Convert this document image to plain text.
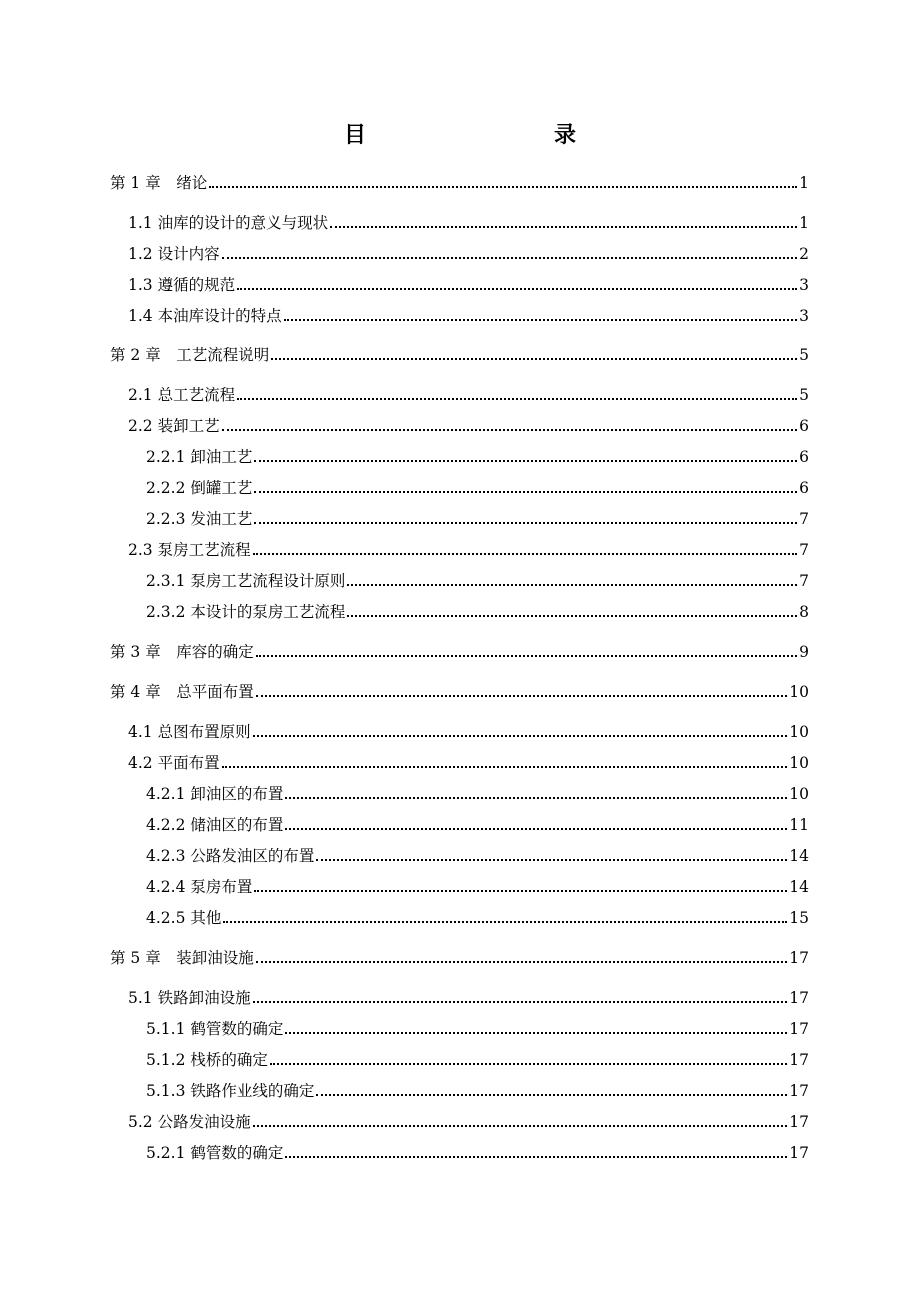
目　　录
第 1 章　绪论	1
1.1 油库的设计的意义与现状	1
1.2 设计内容	2
1.3 遵循的规范	3
1.4 本油库设计的特点	3
第 2 章　工艺流程说明	5
2.1 总工艺流程	5
2.2 装卸工艺	6
2.2.1 卸油工艺	6
2.2.2 倒罐工艺	6
2.2.3 发油工艺	7
2.3 泵房工艺流程	7
2.3.1 泵房工艺流程设计原则	7
2.3.2 本设计的泵房工艺流程	8
第 3 章　库容的确定	9
第 4 章　总平面布置	10
4.1 总图布置原则	10
4.2 平面布置	10
4.2.1 卸油区的布置	10
4.2.2 储油区的布置	11
4.2.3 公路发油区的布置	14
4.2.4 泵房布置	14
4.2.5 其他	15
第 5 章　装卸油设施	17
5.1 铁路卸油设施	17
5.1.1 鹤管数的确定	17
5.1.2 栈桥的确定	17
5.1.3 铁路作业线的确定	17
5.2 公路发油设施	17
5.2.1 鹤管数的确定	17
